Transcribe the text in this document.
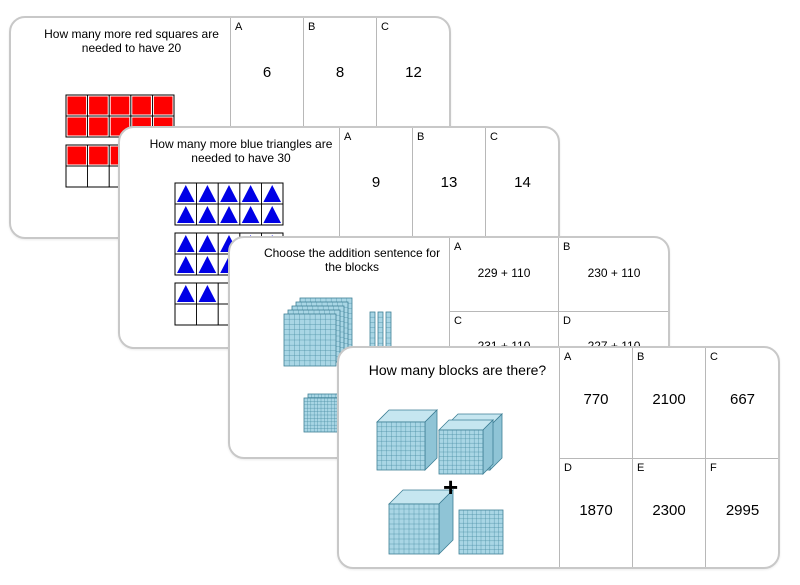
How many more red squares are needed to have 20
A
6
B
8
C
12
How many more blue triangles are needed to have 30
A
9
B
13
C
14
Choose the addition sentence for the blocks
A
229 + 110
B
230 + 110
C	D
How many blocks are there?
+
A
770
B
2100
C
667
D
1870
E
2300
F
2995
